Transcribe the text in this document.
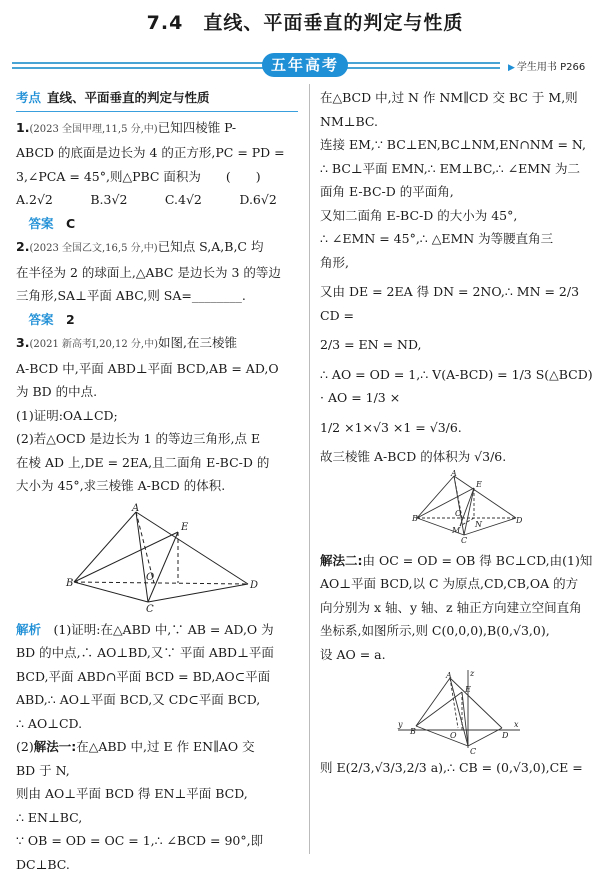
7.4　直线、平面垂直的判定与性质
五年高考	▶ 学生用书 P266
考点 直线、平面垂直的判定与性质

1.(2023 全国甲理,11,5 分,中)已知四棱锥 P-

ABCD 的底面是边长为 4 的正方形,PC = PD =

3,∠PCA = 45°,则△PBC 面积为　　(　　)

A.2√2　　　B.3√2　　　C.4√2　　　D.6√2

　答案　 C

2.(2023 全国乙文,16,5 分,中)已知点 S,A,B,C 均

在半径为 2 的球面上,△ABC 是边长为 3 的等边

三角形,SA⊥平面 ABC,则 SA=________.

　答案　 2

3.(2021 新高考Ⅰ,20,12 分,中)如图,在三棱锥

A-BCD 中,平面 ABD⊥平面 BCD,AB = AD,O

为 BD 的中点.

(1)证明:OA⊥CD;

(2)若△OCD 是边长为 1 的等边三角形,点 E

在棱 AD 上,DE = 2EA,且二面角 E-BC-D 的

大小为 45°,求三棱锥 A-BCD 的体积.

A
E
B	D
C
O

解析　 (1)证明:在△ABD 中,∵ AB = AD,O 为

BD 的中点,∴ AO⊥BD,又∵ 平面 ABD⊥平面

BCD,平面 ABD∩平面 BCD = BD,AO⊂平面

ABD,∴ AO⊥平面 BCD,又 CD⊂平面 BCD,

∴ AO⊥CD.

(2)解法一:在△ABD 中,过 E 作 EN∥AO 交

BD 于 N,

则由 AO⊥平面 BCD 得 EN⊥平面 BCD,

∴ EN⊥BC,

∵ OB = OD = OC = 1,∴ ∠BCD = 90°,即

DC⊥BC.

在△BCD 中,过 N 作 NM∥CD 交 BC 于 M,则

NM⊥BC.

连接 EM,∵ BC⊥EN,BC⊥NM,EN∩NM = N,

∴ BC⊥平面 EMN,∴ EM⊥BC,∴ ∠EMN 为二

面角 E-BC-D 的平面角,

又知二面角 E-BC-D 的大小为 45°,

∴ ∠EMN = 45°,∴ △EMN 为等腰直角三

角形,

又由 DE = 2EA 得 DN = 2NO,∴ MN = 2/3 CD =

2/3 = EN = ND,

∴ AO = OD = 1,∴ V(A-BCD) = 1/3 S(△BCD) · AO = 1/3 ×

1/2 ×1×√3 ×1 = √3/6.

故三棱锥 A-BCD 的体积为 √3/6.

A
E
B	D
C
O
M
N

解法二:由 OC = OD = OB 得 BC⊥CD,由(1)知

AO⊥平面 BCD,以 C 为原点,CD,CB,OA 的方

向分别为 x 轴、y 轴、z 轴正方向建立空间直角

坐标系,如图所示,则 C(0,0,0),B(0,√3,0),

设 AO = a.

z
A
E
y	x
B	O	D
C

则 E(2/3,√3/3,2/3 a),∴ CB = (0,√3,0),CE =
